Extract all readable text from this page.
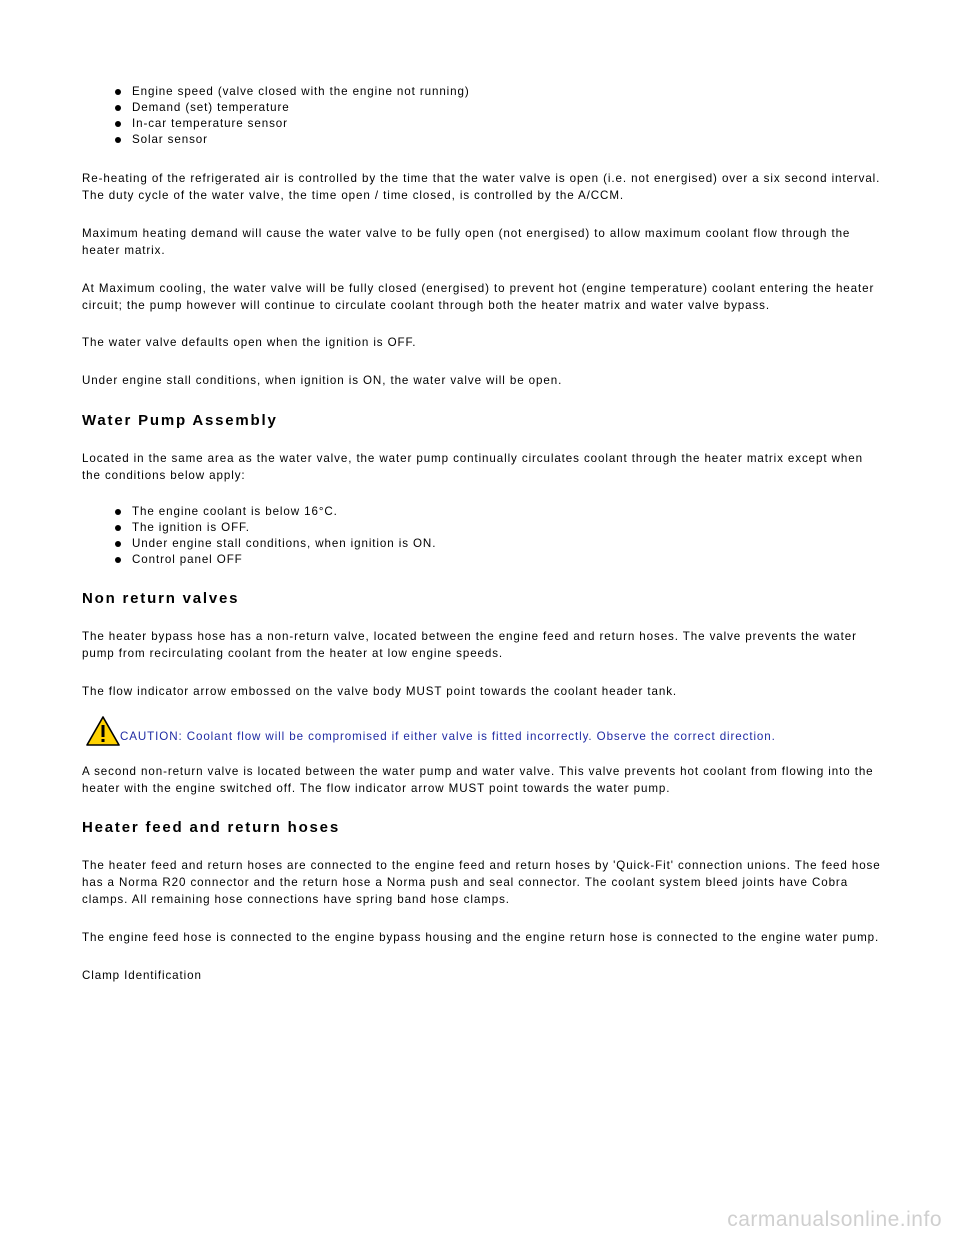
Engine speed (valve closed with the engine not running)
Demand (set) temperature
In-car temperature sensor
Solar sensor

Re-heating of the refrigerated air is controlled by the time that the water valve is open (i.e. not energised) over a six second interval. The duty cycle of the water valve, the time open / time closed, is controlled by the A/CCM.

Maximum heating demand will cause the water valve to be fully open (not energised) to allow maximum coolant flow through the heater matrix.

At Maximum cooling, the water valve will be fully closed (energised) to prevent hot (engine temperature) coolant entering the heater circuit; the pump however will continue to circulate coolant through both the heater matrix and water valve bypass.

The water valve defaults open when the ignition is OFF.

Under engine stall conditions, when ignition is ON, the water valve will be open.

Water Pump Assembly

Located in the same area as the water valve, the water pump continually circulates coolant through the heater matrix except when the conditions below apply:

The engine coolant is below 16°C.
The ignition is OFF.
Under engine stall conditions, when ignition is ON.
Control panel OFF
Non return valves

The heater bypass hose has a non-return valve, located between the engine feed and return hoses. The valve prevents the water pump from recirculating coolant from the heater at low engine speeds.

The flow indicator arrow embossed on the valve body MUST point towards the coolant header tank.

CAUTION: Coolant flow will be compromised if either valve is fitted incorrectly. Observe the correct direction.

A second non-return valve is located between the water pump and water valve. This valve prevents hot coolant from flowing into the heater with the engine switched off. The flow indicator arrow MUST point towards the water pump.

Heater feed and return hoses

The heater feed and return hoses are connected to the engine feed and return hoses by 'Quick-Fit' connection unions. The feed hose has a Norma R20 connector and the return hose a Norma push and seal connector. The coolant system bleed joints have Cobra clamps. All remaining hose connections have spring band hose clamps.

The engine feed hose is connected to the engine bypass housing and the engine return hose is connected to the engine water pump.

Clamp Identification

carmanualsonline.info
